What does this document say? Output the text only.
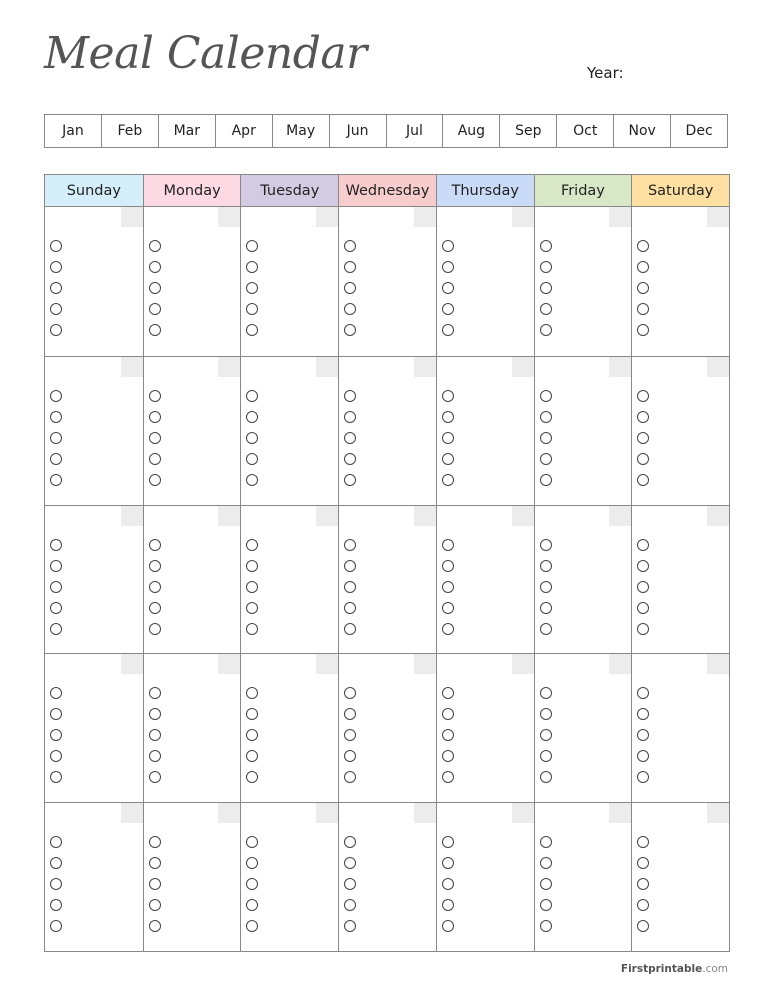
Meal Calendar	Year:
Jan	Feb	Mar	Apr	May	Jun	Jul	Aug	Sep	Oct	Nov	Dec
Sunday	Monday	Tuesday	Wednesday	Thursday	Friday	Saturday
Firstprintable.com
